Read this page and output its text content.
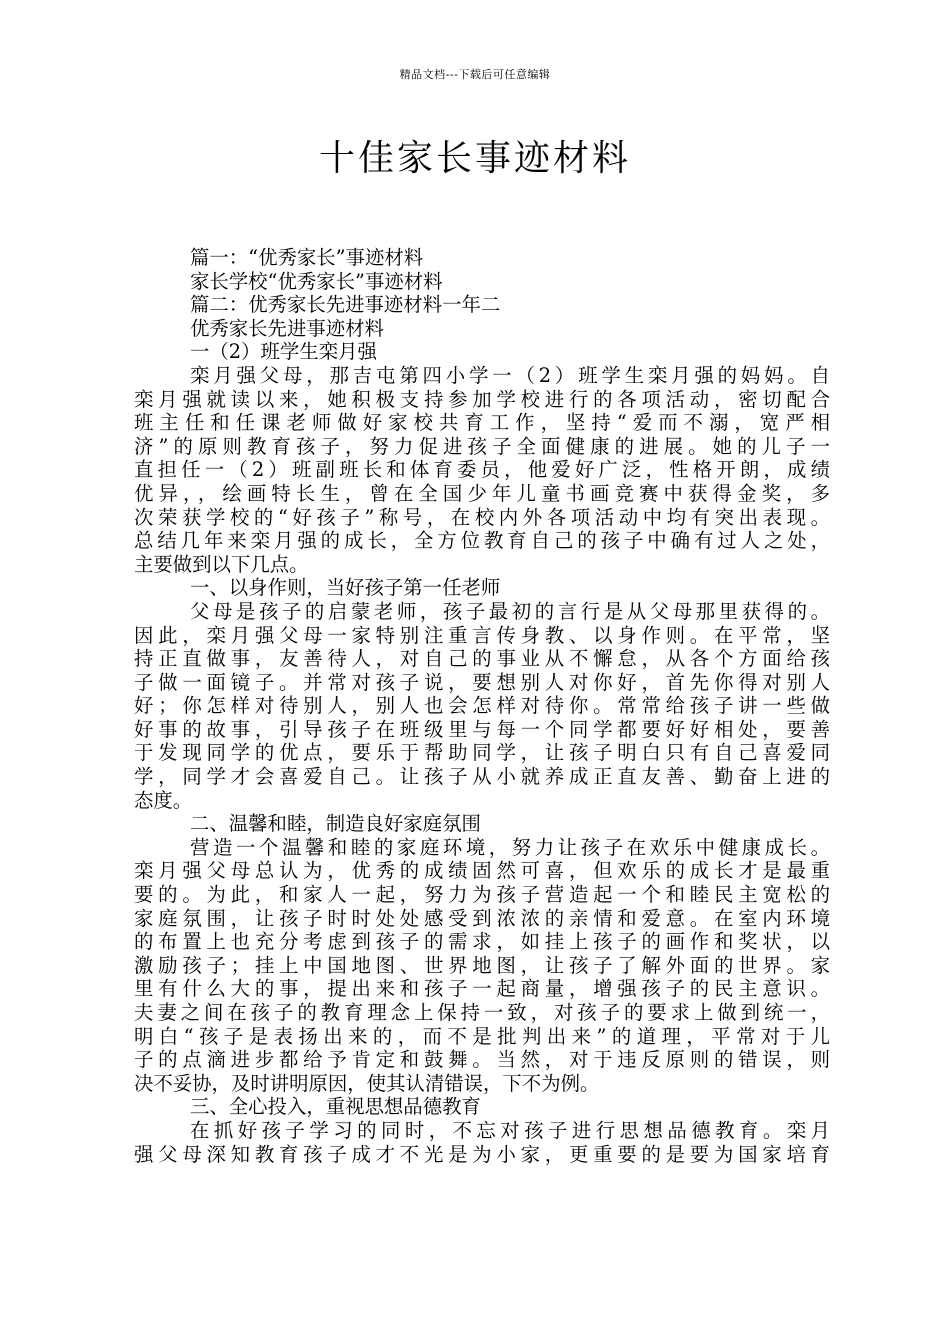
精品文档---下载后可任意编辑
十佳家长事迹材料
篇一：“优秀家长”事迹材料
家长学校“优秀家长”事迹材料
篇二：优秀家长先进事迹材料一年二
优秀家长先进事迹材料
一（2）班学生栾月强
栾月强父母，那吉屯第四小学一（2）班学生栾月强的妈妈。自
栾月强就读以来，她积极支持参加学校进行的各项活动，密切配合
班主任和任课老师做好家校共育工作，坚持“爱而不溺，宽严相
济”的原则教育孩子，努力促进孩子全面健康的进展。她的儿子一
直担任一（2）班副班长和体育委员，他爱好广泛，性格开朗，成绩
优异，，绘画特长生，曾在全国少年儿童书画竞赛中获得金奖，多
次荣获学校的“好孩子”称号，在校内外各项活动中均有突出表现。
总结几年来栾月强的成长，全方位教育自己的孩子中确有过人之处，
主要做到以下几点。
一、以身作则，当好孩子第一任老师
父母是孩子的启蒙老师，孩子最初的言行是从父母那里获得的。
因此，栾月强父母一家特别注重言传身教、以身作则。在平常，坚
持正直做事，友善待人，对自己的事业从不懈怠，从各个方面给孩
子做一面镜子。并常对孩子说，要想别人对你好，首先你得对别人
好；你怎样对待别人，别人也会怎样对待你。常常给孩子讲一些做
好事的故事，引导孩子在班级里与每一个同学都要好好相处，要善
于发现同学的优点，要乐于帮助同学，让孩子明白只有自己喜爱同
学，同学才会喜爱自己。让孩子从小就养成正直友善、勤奋上进的
态度。
二、温馨和睦，制造良好家庭氛围
营造一个温馨和睦的家庭环境，努力让孩子在欢乐中健康成长。
栾月强父母总认为，优秀的成绩固然可喜，但欢乐的成长才是最重
要的。为此，和家人一起，努力为孩子营造起一个和睦民主宽松的
家庭氛围，让孩子时时处处感受到浓浓的亲情和爱意。在室内环境
的布置上也充分考虑到孩子的需求，如挂上孩子的画作和奖状，以
激励孩子；挂上中国地图、世界地图，让孩子了解外面的世界。家
里有什么大的事，提出来和孩子一起商量，增强孩子的民主意识。
夫妻之间在孩子的教育理念上保持一致，对孩子的要求上做到统一，
明白“孩子是表扬出来的，而不是批判出来”的道理，平常对于儿
子的点滴进步都给予肯定和鼓舞。当然，对于违反原则的错误，则
决不妥协，及时讲明原因，使其认清错误，下不为例。
三、全心投入，重视思想品德教育
在抓好孩子学习的同时，不忘对孩子进行思想品德教育。栾月
强父母深知教育孩子成才不光是为小家，更重要的是要为国家培育
